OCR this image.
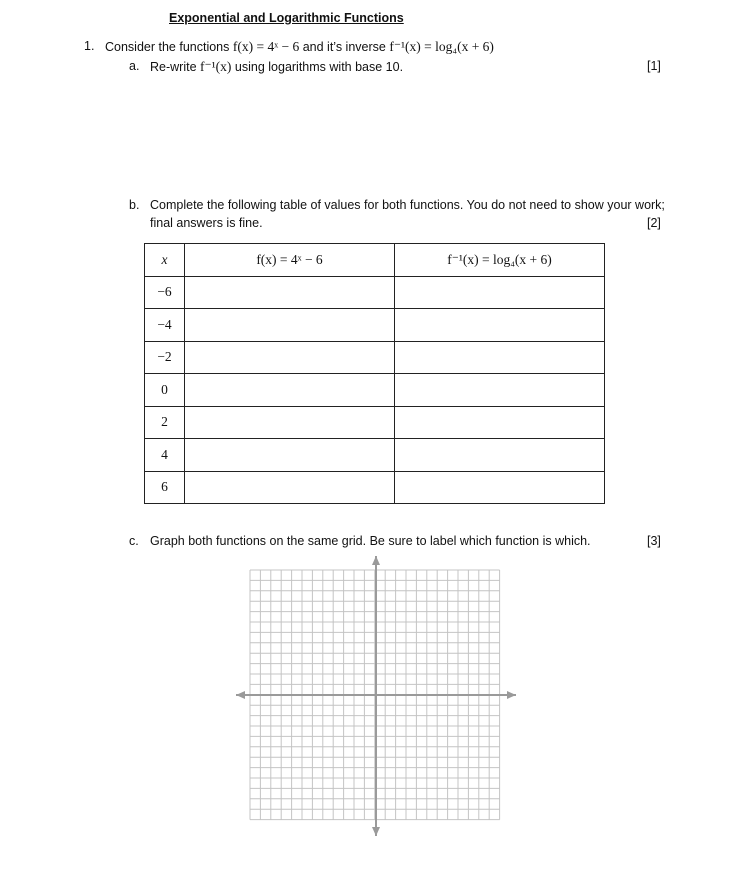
Exponential and Logarithmic Functions
1. Consider the functions f(x) = 4ˣ − 6 and it’s inverse f⁻¹(x) = log₄(x + 6)
a. Re-write f⁻¹(x) using logarithms with base 10.	[1]
b. Complete the following table of values for both functions. You do not need to show your work;
final answers is fine.	[2]
x	f(x) = 4ˣ − 6	f⁻¹(x) = log₄(x + 6)
−6		
−4		
−2		
0		
2		
4		
6		
c. Graph both functions on the same grid. Be sure to label which function is which.	[3]
